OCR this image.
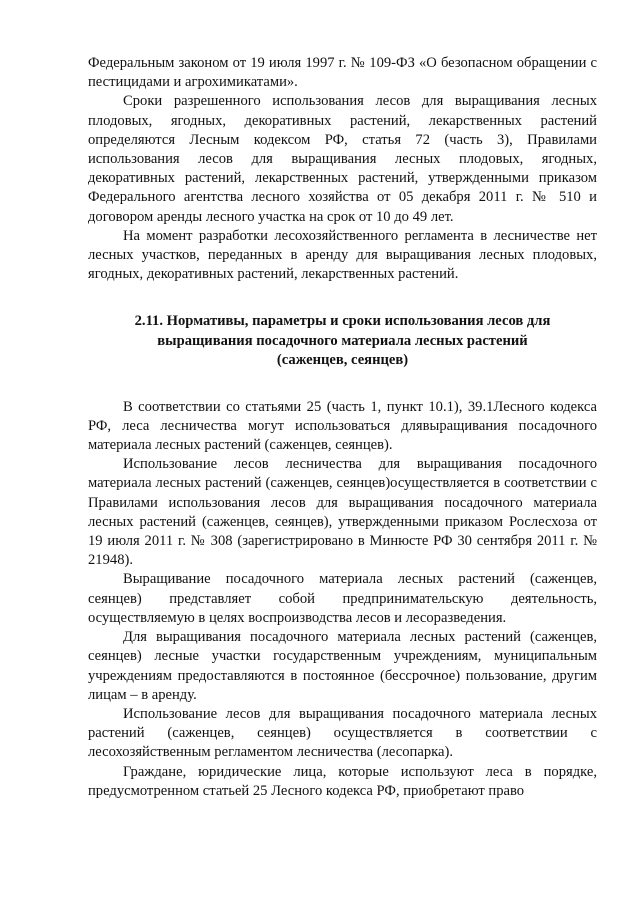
Федеральным законом от 19 июля 1997 г. № 109-ФЗ «О безопасном обращении с пестицидами и агрохимикатами».

Сроки разрешенного использования лесов для выращивания лесных плодовых, ягодных, декоративных растений, лекарственных растений определяются Лесным кодексом РФ, статья 72 (часть 3), Правилами использования лесов для выращивания лесных плодовых, ягодных, декоративных растений, лекарственных растений, утвержденными приказом Федерального агентства лесного хозяйства от 05 декабря 2011 г. № 510 и договором аренды лесного участка на срок от 10 до 49 лет.

На момент разработки лесохозяйственного регламента в лесничестве нет лесных участков, переданных в аренду для выращивания лесных плодовых, ягодных, декоративных растений, лекарственных растений.

2.11. Нормативы, параметры и сроки использования лесов для
выращивания посадочного материала лесных растений
(саженцев, сеянцев)

В соответствии со статьями 25 (часть 1, пункт 10.1), 39.1Лесного кодекса РФ, леса лесничества могут использоваться длявыращивания посадочного материала лесных растений (саженцев, сеянцев).

Использование лесов лесничества для выращивания посадочного материала лесных растений (саженцев, сеянцев)осуществляется в соответствии с Правилами использования лесов для выращивания посадочного материала лесных растений (саженцев, сеянцев), утвержденными приказом Рослесхоза от 19 июля 2011 г. № 308 (зарегистрировано в Минюсте РФ 30 сентября 2011 г. № 21948).

Выращивание посадочного материала лесных растений (саженцев, сеянцев) представляет собой предпринимательскую деятельность, осуществляемую в целях воспроизводства лесов и лесоразведения.

Для выращивания посадочного материала лесных растений (саженцев, сеянцев) лесные участки государственным учреждениям, муниципальным учреждениям предоставляются в постоянное (бессрочное) пользование, другим лицам – в аренду.

Использование лесов для выращивания посадочного материала лесных растений (саженцев, сеянцев) осуществляется в соответствии с лесохозяйственным регламентом лесничества (лесопарка).

Граждане, юридические лица, которые используют леса в порядке, предусмотренном статьей 25 Лесного кодекса РФ, приобретают право
